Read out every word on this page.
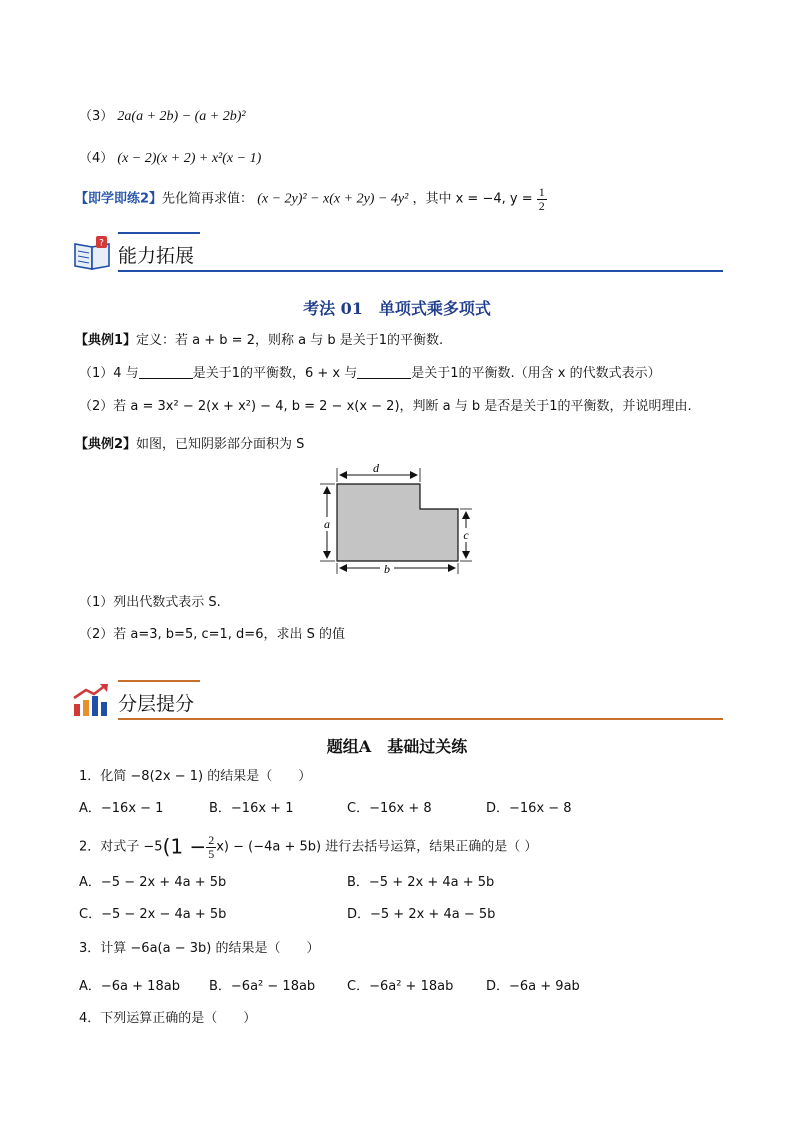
（3） 2a(a + 2b) − (a + 2b)²
（4） (x − 2)(x + 2) + x²(x − 1)
【即学即练2】先化简再求值： (x − 2y)² − x(x + 2y) − 4y² ，其中 x = −4, $y = \frac{1}{2}$
?
能力拓展
考法 01　单项式乘多项式
【典例1】定义：若 a + b = 2，则称 a 与 b 是关于1的平衡数.
（1）4 与	是关于1的平衡数，6 + x 与	是关于1的平衡数.（用含 x 的代数式表示）
（2）若 a = 3x² − 2(x + x²) − 4, b = 2 − x(x − 2)，判断 a 与 b 是否是关于1的平衡数，并说明理由.
【典例2】如图，已知阴影部分面积为 S
d
a
c
b
（1）列出代数式表示 S.
（2）若 a=3, b=5, c=1, d=6，求出 S 的值
分层提分
题组A　基础过关练
1．化简 −8(2x − 1) 的结果是（　　）
A．−16x − 1	B．−16x + 1	C．−16x + 8	D．−16x − 8
2．对式子 $-5(1 - \frac{2}{5} x) - (-4a + 5b)$ 进行去括号运算，结果正确的是（ ）
A．−5 − 2x + 4a + 5b	B．−5 + 2x + 4a + 5b
C．−5 − 2x − 4a + 5b	D．−5 + 2x + 4a − 5b
3．计算 −6a(a − 3b) 的结果是（　　）
A．−6a + 18ab B．−6a² − 18ab C．−6a² + 18ab	D．−6a + 9ab
4．下列运算正确的是（　　）
